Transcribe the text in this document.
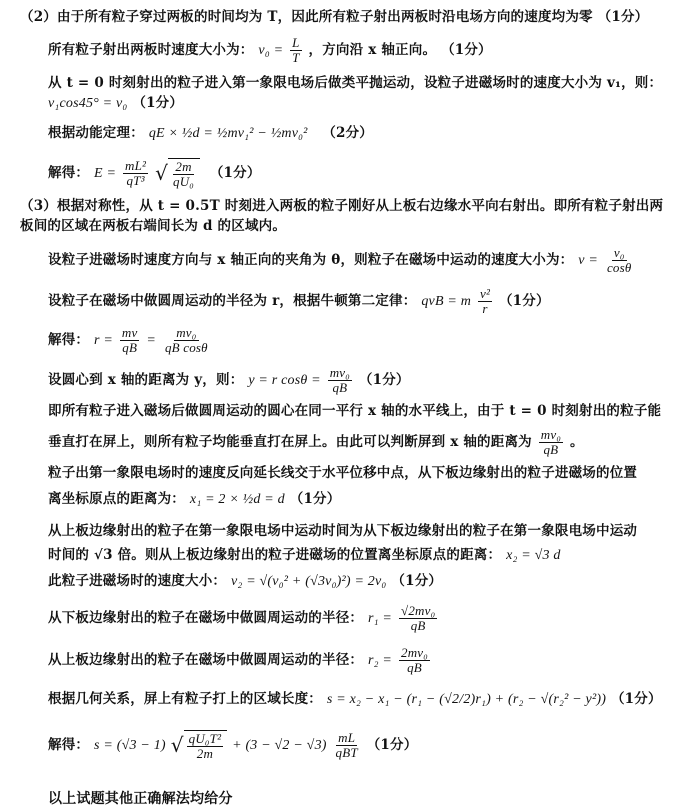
（2）由于所有粒子穿过两板的时间均为 T，因此所有粒子射出两板时沿电场方向的速度均为零 （1分）
所有粒子射出两板时速度大小为： $v_0 = \frac{L}{T}$ ，方向沿 x 轴正向。 （1分）
从 t = 0 时刻射出的粒子进入第一象限电场后做类平抛运动，设粒子进磁场时的速度大小为 v₁，则：
v₁cos45° = v₀ （1分）
根据动能定理： qE × ½d = ½mv₁² − ½mv₀² （2分）
解得： $E = \frac{\text{mL²}}{\text{qT³}}$
√ $\frac{2m}{\text{qU₀}} (1$分）
（3）根据对称性，从 t = 0.5T 时刻进入两板的粒子刚好从上板右边缘水平向右射出。即所有粒子射出两板间的区域在两板右端间长为 d 的区域内。
设粒子进磁场时速度方向与 x 轴正向的夹角为 θ，则粒子在磁场中运动的速度大小为： $v = \frac{\text{v₀}}{\cos\theta}$
设粒子在磁场中做圆周运动的半径为 r，根据牛顿第二定律： qvB = m $\frac{\text{v²}}{r} (1$分）
解得： $r = \frac{mv}{qB} = \frac{\text{mv₀}}{\text{qB cosθ}}$
设圆心到 x 轴的距离为 y，则： y = r $\cos\theta = \frac{\text{mv₀}}{qB} (1$分）
即所有粒子进入磁场后做圆周运动的圆心在同一平行 x 轴的水平线上，由于 t = 0 时刻射出的粒子能
垂直打在屏上，则所有粒子均能垂直打在屏上。由此可以判断屏到 x 轴的距离为 $\frac{\text{mv₀}}{qB}$ 。
粒子出第一象限电场时的速度反向延长线交于水平位移中点，从下板边缘射出的粒子进磁场的位置
离坐标原点的距离为： x₁ = 2 × ½d = d （1分）
从上板边缘射出的粒子在第一象限电场中运动时间为从下板边缘射出的粒子在第一象限电场中运动
时间的 √3 倍。则从上板边缘射出的粒子进磁场的位置离坐标原点的距离： x₂ = √3 d
此粒子进磁场时的速度大小： v₂ = √(v₀² + (√3v₀)²) = 2v₀ （1分）
从下板边缘射出的粒子在磁场中做圆周运动的半径： $r_1 = \frac{\text{√2mv₀}}{qB}$
从上板边缘射出的粒子在磁场中做圆周运动的半径： $r_2 = \frac{\text{2mv₀}}{qB}$
根据几何关系，屏上有粒子打上的区域长度： s = x₂ − x₁ − (r₁ − (√2/2)r₁) + (r₂ − √(r₂² − y²)) （1分）
解得： s = (√3 − 1) √ $\frac{\text{qU₀T²}}{2m} + (3 - √2 - √3) \frac{mL}{\text{qBT}} (1$分）
以上试题其他正确解法均给分
